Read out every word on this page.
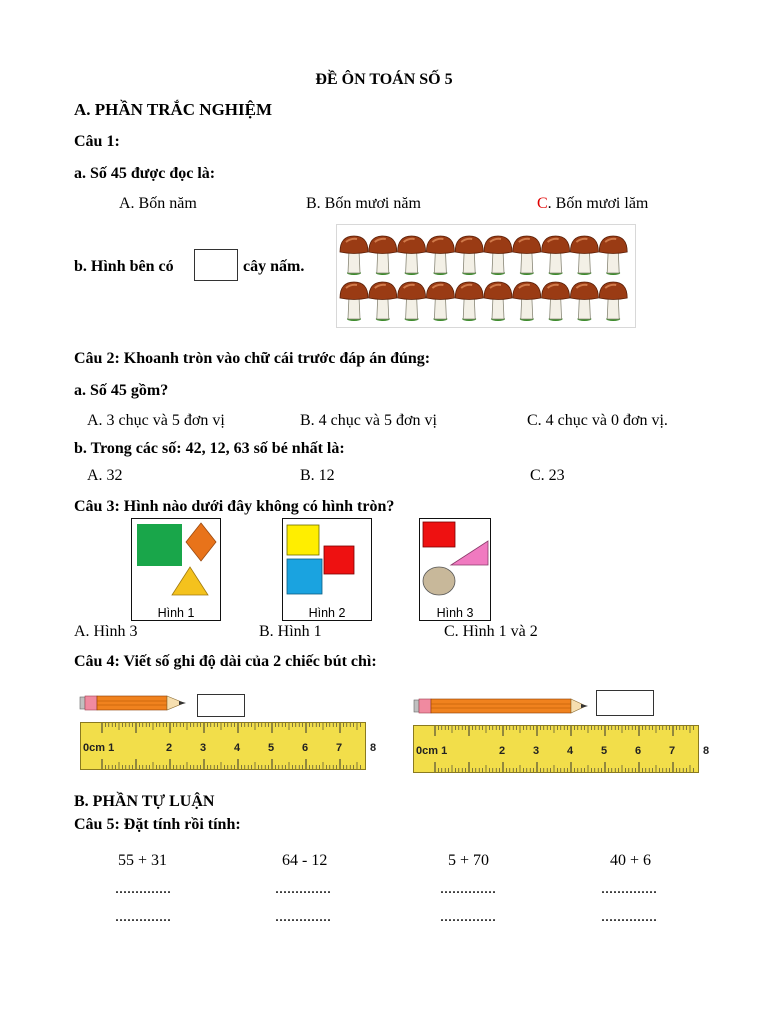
ĐỀ ÔN TOÁN SỐ 5
A. PHẦN TRẮC NGHIỆM
Câu 1:
a. Số 45 được đọc là:
A. Bốn năm	B. Bốn mươi năm	C. Bốn mươi lăm
b. Hình bên có	cây nấm.
Câu 2: Khoanh tròn vào chữ cái trước đáp án đúng:
a. Số 45 gồm?
A. 3 chục và 5 đơn vị	B. 4 chục và 5 đơn vị	C. 4 chục và 0 đơn vị.
b. Trong các số: 42, 12, 63 số bé nhất là:
A. 32	B. 12	C. 23
Câu 3: Hình nào dưới đây không có hình tròn?
Hình 1	Hình 2	Hình 3
A. Hình 3	B. Hình 1	C. Hình 1 và 2
Câu 4: Viết số ghi độ dài của 2 chiếc bút chì:
0cm 1	2	3	4	5	6	7	8	0cm 1	2	3	4	5	6	7	8
B. PHẦN TỰ LUẬN
Câu 5: Đặt tính rồi tính:
55 + 31	64 - 12	5 + 70	40 + 6
..............	..............	..............	..............
..............	..............	..............	..............
